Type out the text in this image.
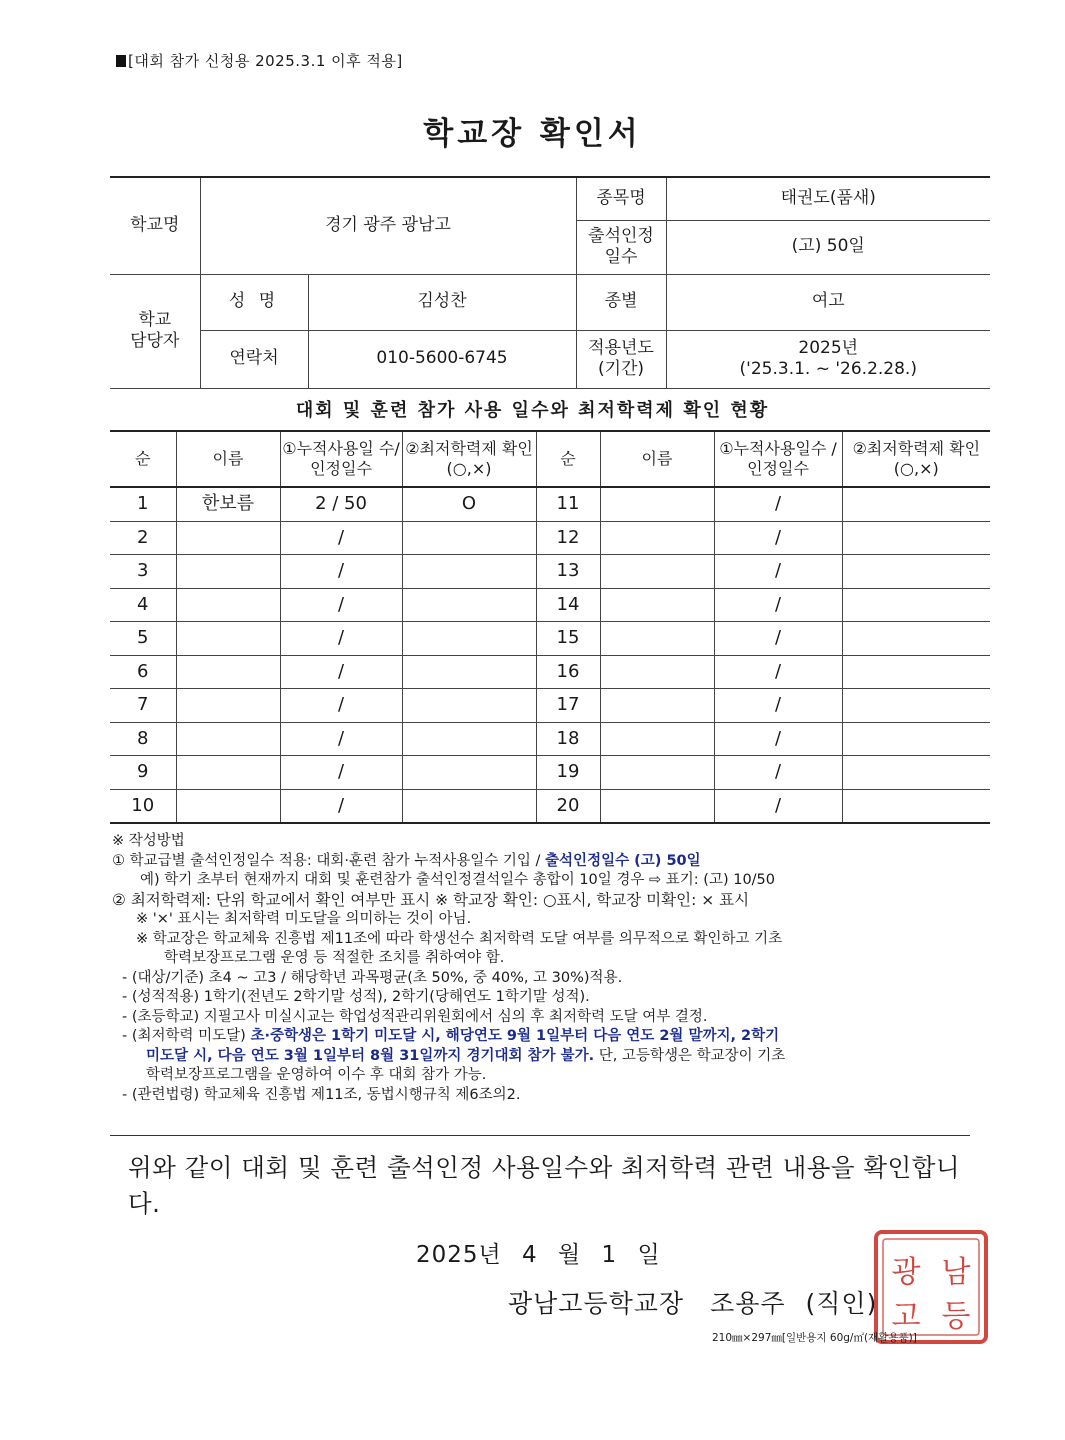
[대회 참가 신청용 2025.3.1 이후 적용]
학교장 확인서
학교명	경기 광주 광남고		종목명	태권도(품새)
			출석인정 일수	(고) 50일
학교 담당자	성 명	김성찬	종별	여고
	연락처	010-5600-6745	적용년도 (기간)	2025년
('25.3.1. ~ '26.2.28.)
대회 및 훈련 참가 사용 일수와 최저학력제 확인 현황
순	이름	①누적사용일 수/인정일수	②최저학력제 확인(○,×)	순	이름	①누적사용일수 /인정일수	②최저학력제 확인(○,×)
1	한보름	2 / 50	O	11		/	
2		/		12		/	
3		/		13		/	
4		/		14		/	
5		/		15		/	
6		/		16		/	
7		/		17		/	
8		/		18		/	
9		/		19		/	
10		/		20		/	
※ 작성방법
① 학교급별 출석인정일수 적용: 대회·훈련 참가 누적사용일수 기입 / 출석인정일수 (고) 50일
예) 학기 초부터 현재까지 대회 및 훈련참가 출석인정결석일수 총합이 10일 경우 ⇨ 표기: (고) 10/50
② 최저학력제: 단위 학교에서 확인 여부만 표시 ※ 학교장 확인: ○표시, 학교장 미확인: × 표시
※ '×' 표시는 최저학력 미도달을 의미하는 것이 아님.
※ 학교장은 학교체육 진흥법 제11조에 따라 학생선수 최저학력 도달 여부를 의무적으로 확인하고 기초
학력보장프로그램 운영 등 적절한 조치를 취하여야 함.
- (대상/기준) 초4 ~ 고3 / 해당학년 과목평균(초 50%, 중 40%, 고 30%)적용.
- (성적적용) 1학기(전년도 2학기말 성적), 2학기(당해연도 1학기말 성적).
- (초등학교) 지필고사 미실시교는 학업성적관리위원회에서 심의 후 최저학력 도달 여부 결정.
- (최저학력 미도달) 초·중학생은 1학기 미도달 시, 해당연도 9월 1일부터 다음 연도 2월 말까지, 2학기
미도달 시, 다음 연도 3월 1일부터 8월 31일까지 경기대회 참가 불가. 단, 고등학생은 학교장이 기초
학력보장프로그램을 운영하여 이수 후 대회 참가 가능.
- (관련법령) 학교체육 진흥법 제11조, 동법시행규칙 제6조의2.
위와 같이 대회 및 훈련 출석인정 사용일수와 최저학력 관련 내용을 확인합니다.
2025년 4 월 1 일
광남고등학교장 조용주 (직인)
광 남
고 등
210㎜×297㎜[일반용지 60g/㎡(재활용품)]
